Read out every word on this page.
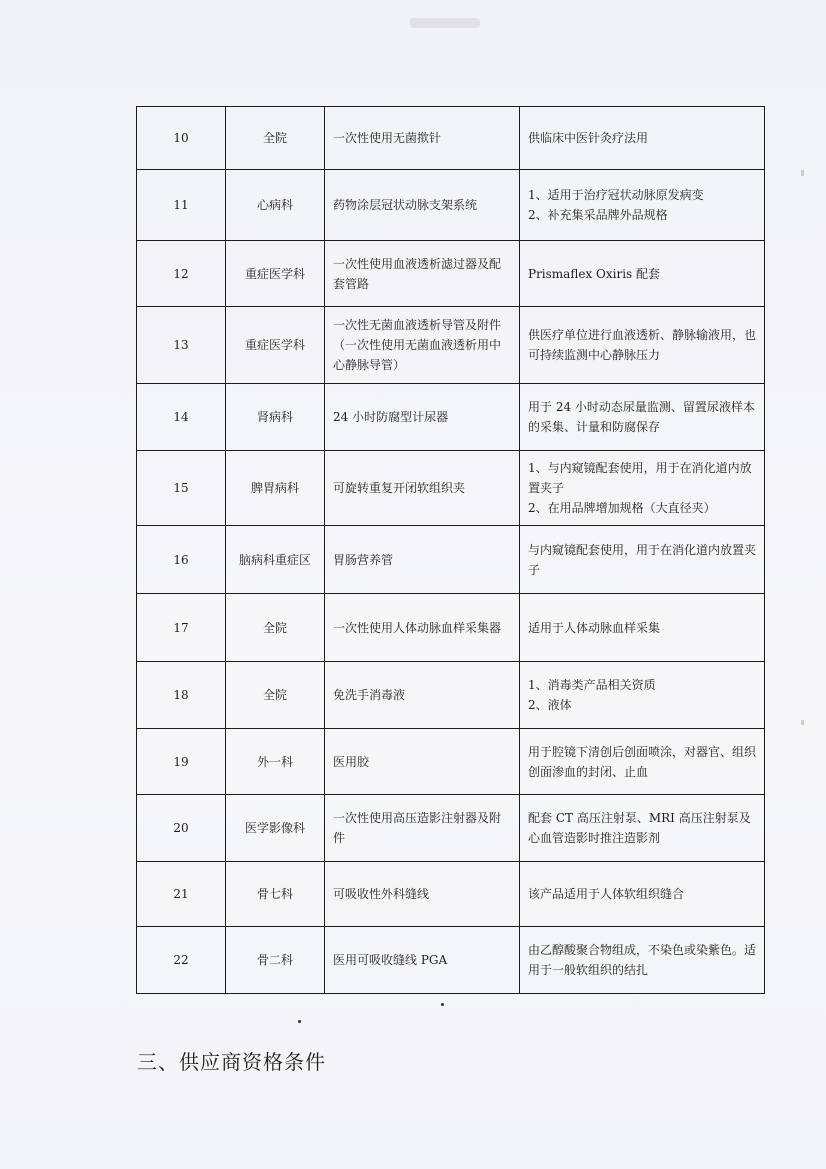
10	全院	一次性使用无菌揿针	供临床中医针灸疗法用
11	心病科	药物涂层冠状动脉支架系统	1、适用于治疗冠状动脉原发病变
2、补充集采品牌外品规格
12	重症医学科	一次性使用血液透析滤过器及配套管路	Prismaflex Oxiris 配套
13	重症医学科	一次性无菌血液透析导管及附件（一次性使用无菌血液透析用中心静脉导管）	供医疗单位进行血液透析、静脉输液用，也可持续监测中心静脉压力
14	肾病科	24 小时防腐型计尿器	用于 24 小时动态尿量监测、留置尿液样本的采集、计量和防腐保存
15	脾胃病科	可旋转重复开闭软组织夹	1、与内窥镜配套使用，用于在消化道内放置夹子
2、在用品牌增加规格（大直径夹）
16	脑病科重症区	胃肠营养管	与内窥镜配套使用，用于在消化道内放置夹子
17	全院	一次性使用人体动脉血样采集器	适用于人体动脉血样采集
18	全院	免洗手消毒液	1、消毒类产品相关资质
2、液体
19	外一科	医用胶	用于腔镜下清创后创面喷涂，对器官、组织创面渗血的封闭、止血
20	医学影像科	一次性使用高压造影注射器及附件	配套 CT 高压注射泵、MRI 高压注射泵及心血管造影时推注造影剂
21	骨七科	可吸收性外科缝线	该产品适用于人体软组织缝合
22	骨二科	医用可吸收缝线 PGA	由乙醇酸聚合物组成，不染色或染紫色。适用于一般软组织的结扎
三、供应商资格条件
